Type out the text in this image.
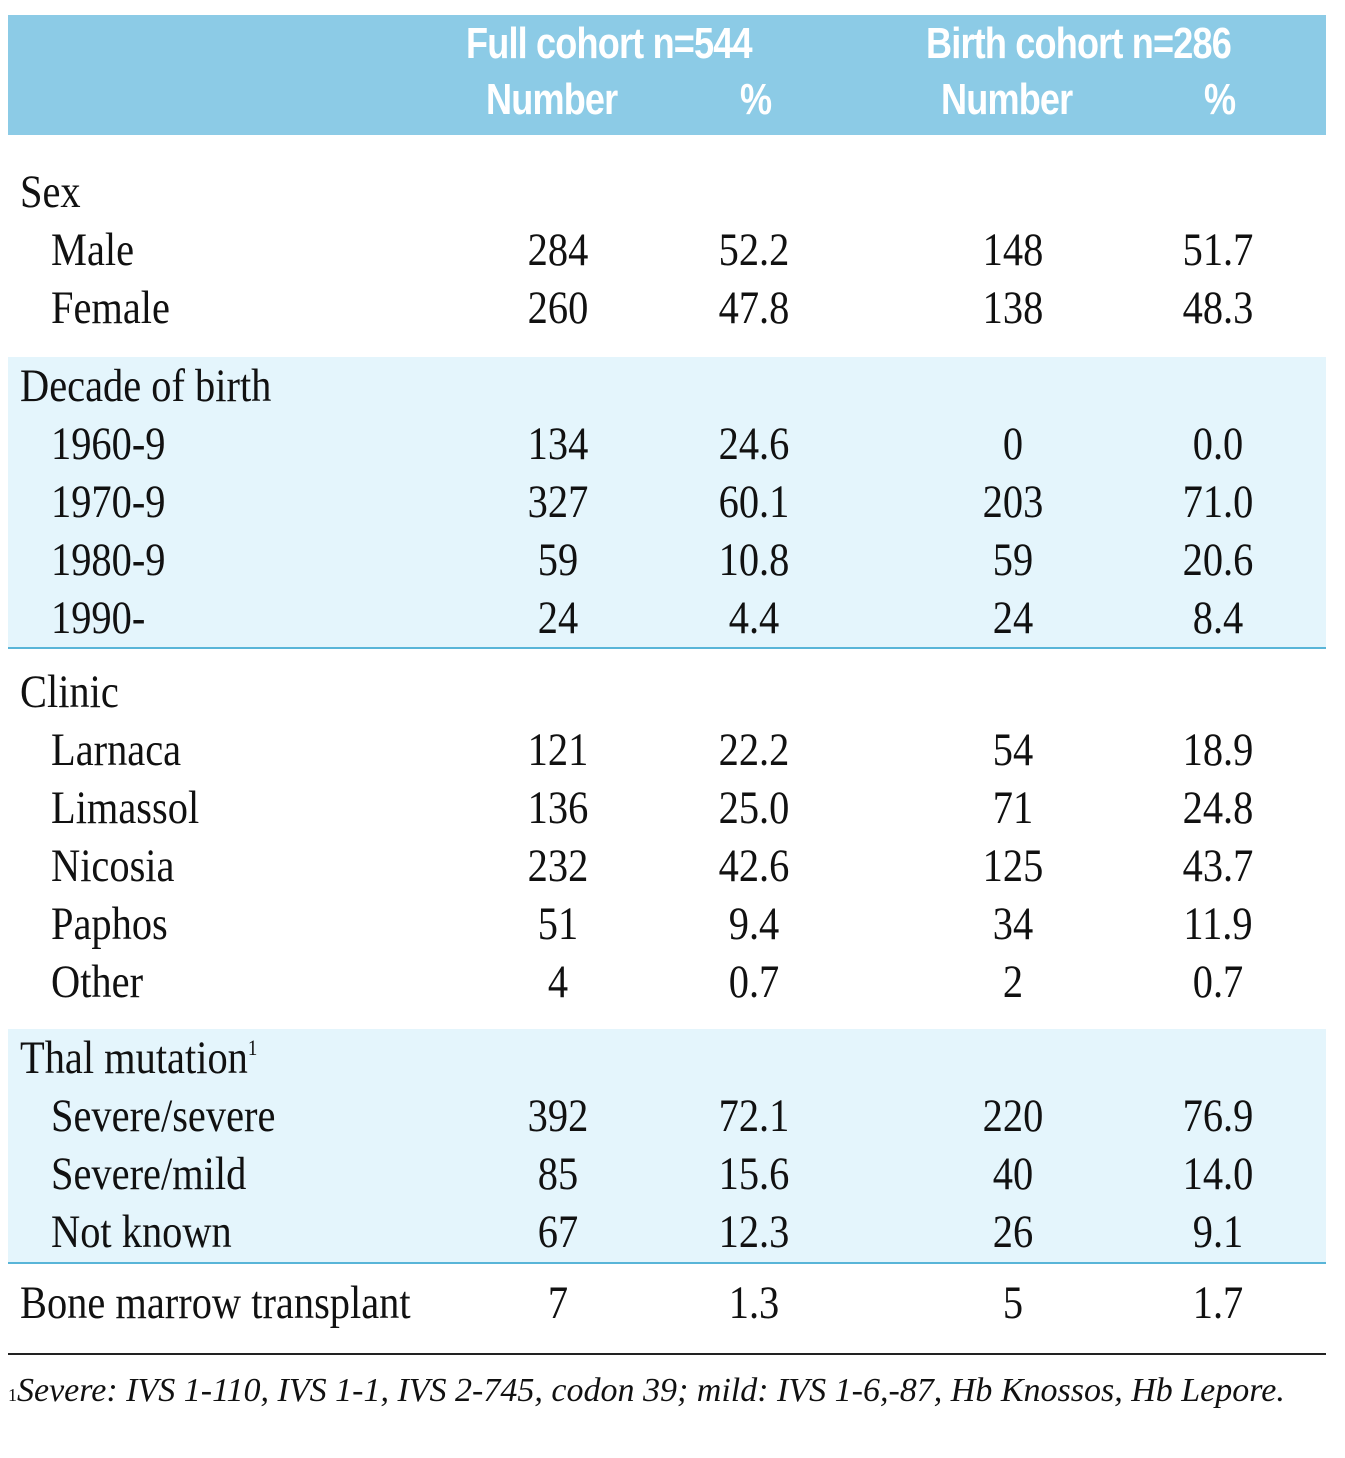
Full cohort n=544	Birth cohort n=286
Number	%	Number	%
Sex
Male	284	52.2	148	51.7
Female	260	47.8	138	48.3
Decade of birth
1960-9	134	24.6	0	0.0
1970-9	327	60.1	203	71.0
1980-9	59	10.8	59	20.6
1990-	24	4.4	24	8.4
Clinic
Larnaca	121	22.2	54	18.9
Limassol	136	25.0	71	24.8
Nicosia	232	42.6	125	43.7
Paphos	51	9.4	34	11.9
Other	4	0.7	2	0.7
Thal mutation$^1$
Severe/severe	392	72.1	220	76.9
Severe/mild	85	15.6	40	14.0
Not known	67	12.3	26	9.1
Bone marrow transplant	7	1.3	5	1.7
$^1$Severe: IVS 1-110, IVS 1-1, IVS 2-745, codon 39; mild: IVS 1-6,-87, Hb Knossos, Hb Lepore.
